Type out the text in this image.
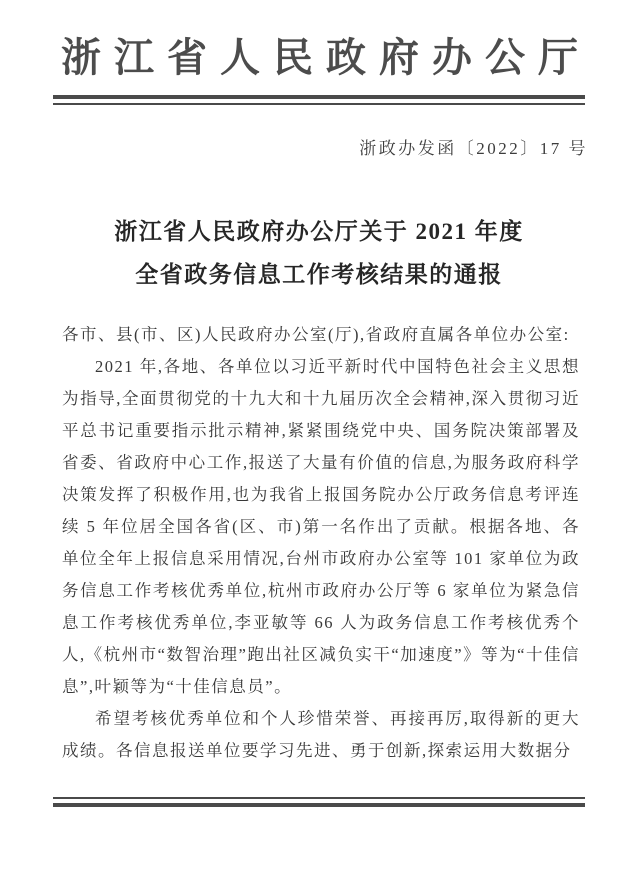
浙江省人民政府办公厅
浙政办发函〔2022〕17 号
浙江省人民政府办公厅关于 2021 年度
全省政务信息工作考核结果的通报

各市、县(市、区)人民政府办公室(厅),省政府直属各单位办公室:

2021 年,各地、各单位以习近平新时代中国特色社会主义思想为指导,全面贯彻党的十九大和十九届历次全会精神,深入贯彻习近平总书记重要指示批示精神,紧紧围绕党中央、国务院决策部署及省委、省政府中心工作,报送了大量有价值的信息,为服务政府科学决策发挥了积极作用,也为我省上报国务院办公厅政务信息考评连续 5 年位居全国各省(区、市)第一名作出了贡献。根据各地、各单位全年上报信息采用情况,台州市政府办公室等 101 家单位为政务信息工作考核优秀单位,杭州市政府办公厅等 6 家单位为紧急信息工作考核优秀单位,李亚敏等 66 人为政务信息工作考核优秀个人,《杭州市“数智治理”跑出社区减负实干“加速度”》等为“十佳信息”,叶颖等为“十佳信息员”。

希望考核优秀单位和个人珍惜荣誉、再接再厉,取得新的更大成绩。各信息报送单位要学习先进、勇于创新,探索运用大数据分
